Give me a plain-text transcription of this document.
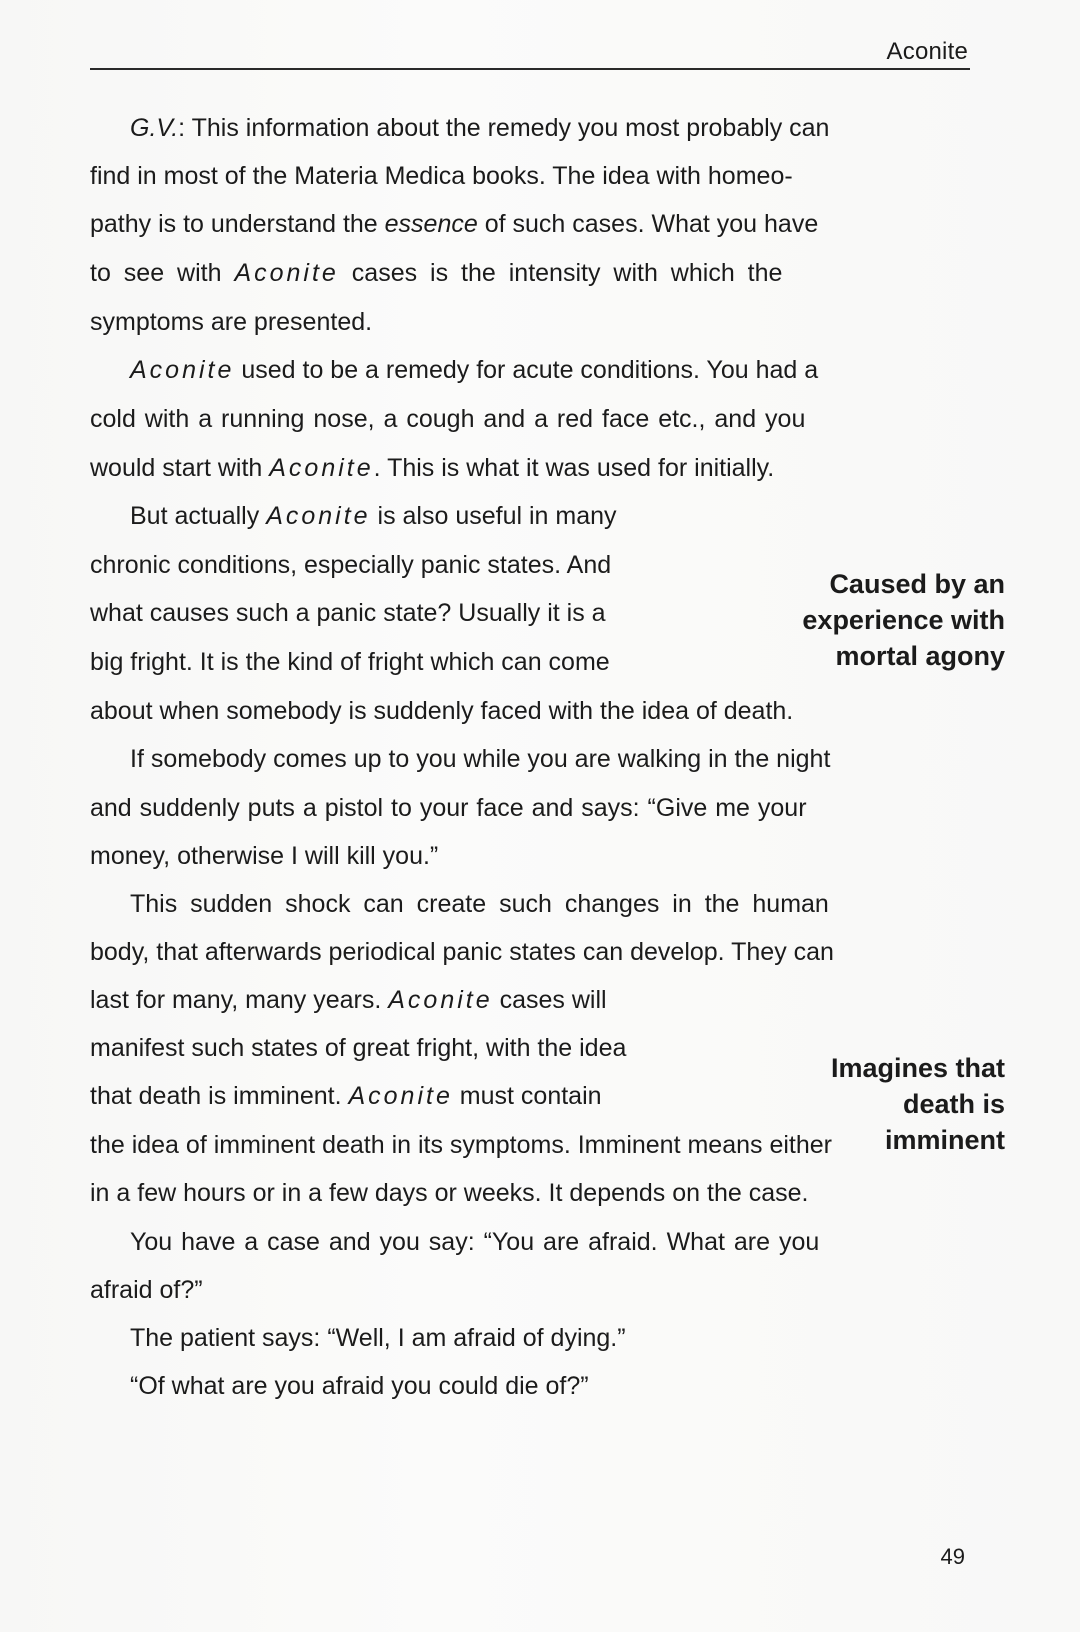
Aconite
G.V.: This information about the remedy you most probably can
find in most of the Materia Medica books. The idea with homeo-
pathy is to understand the essence of such cases. What you have
to see with Aconite cases is the intensity with which the
symptoms are presented.
Aconite used to be a remedy for acute conditions. You had a
cold with a running nose, a cough and a red face etc., and you
would start with Aconite. This is what it was used for initially.
But actually Aconite is also useful in many
chronic conditions, especially panic states. And
what causes such a panic state? Usually it is a
big fright. It is the kind of fright which can come
about when somebody is suddenly faced with the idea of death.
Caused by an
experience with
mortal agony
If somebody comes up to you while you are walking in the night
and suddenly puts a pistol to your face and says: “Give me your
money, otherwise I will kill you.”
This sudden shock can create such changes in the human
body, that afterwards periodical panic states can develop. They can
last for many, many years. Aconite cases will
manifest such states of great fright, with the idea
that death is imminent. Aconite must contain
the idea of imminent death in its symptoms. Imminent means either
in a few hours or in a few days or weeks. It depends on the case.
Imagines that
death is
imminent
You have a case and you say: “You are afraid. What are you
afraid of?”
The patient says: “Well, I am afraid of dying.”
“Of what are you afraid you could die of?”
49
